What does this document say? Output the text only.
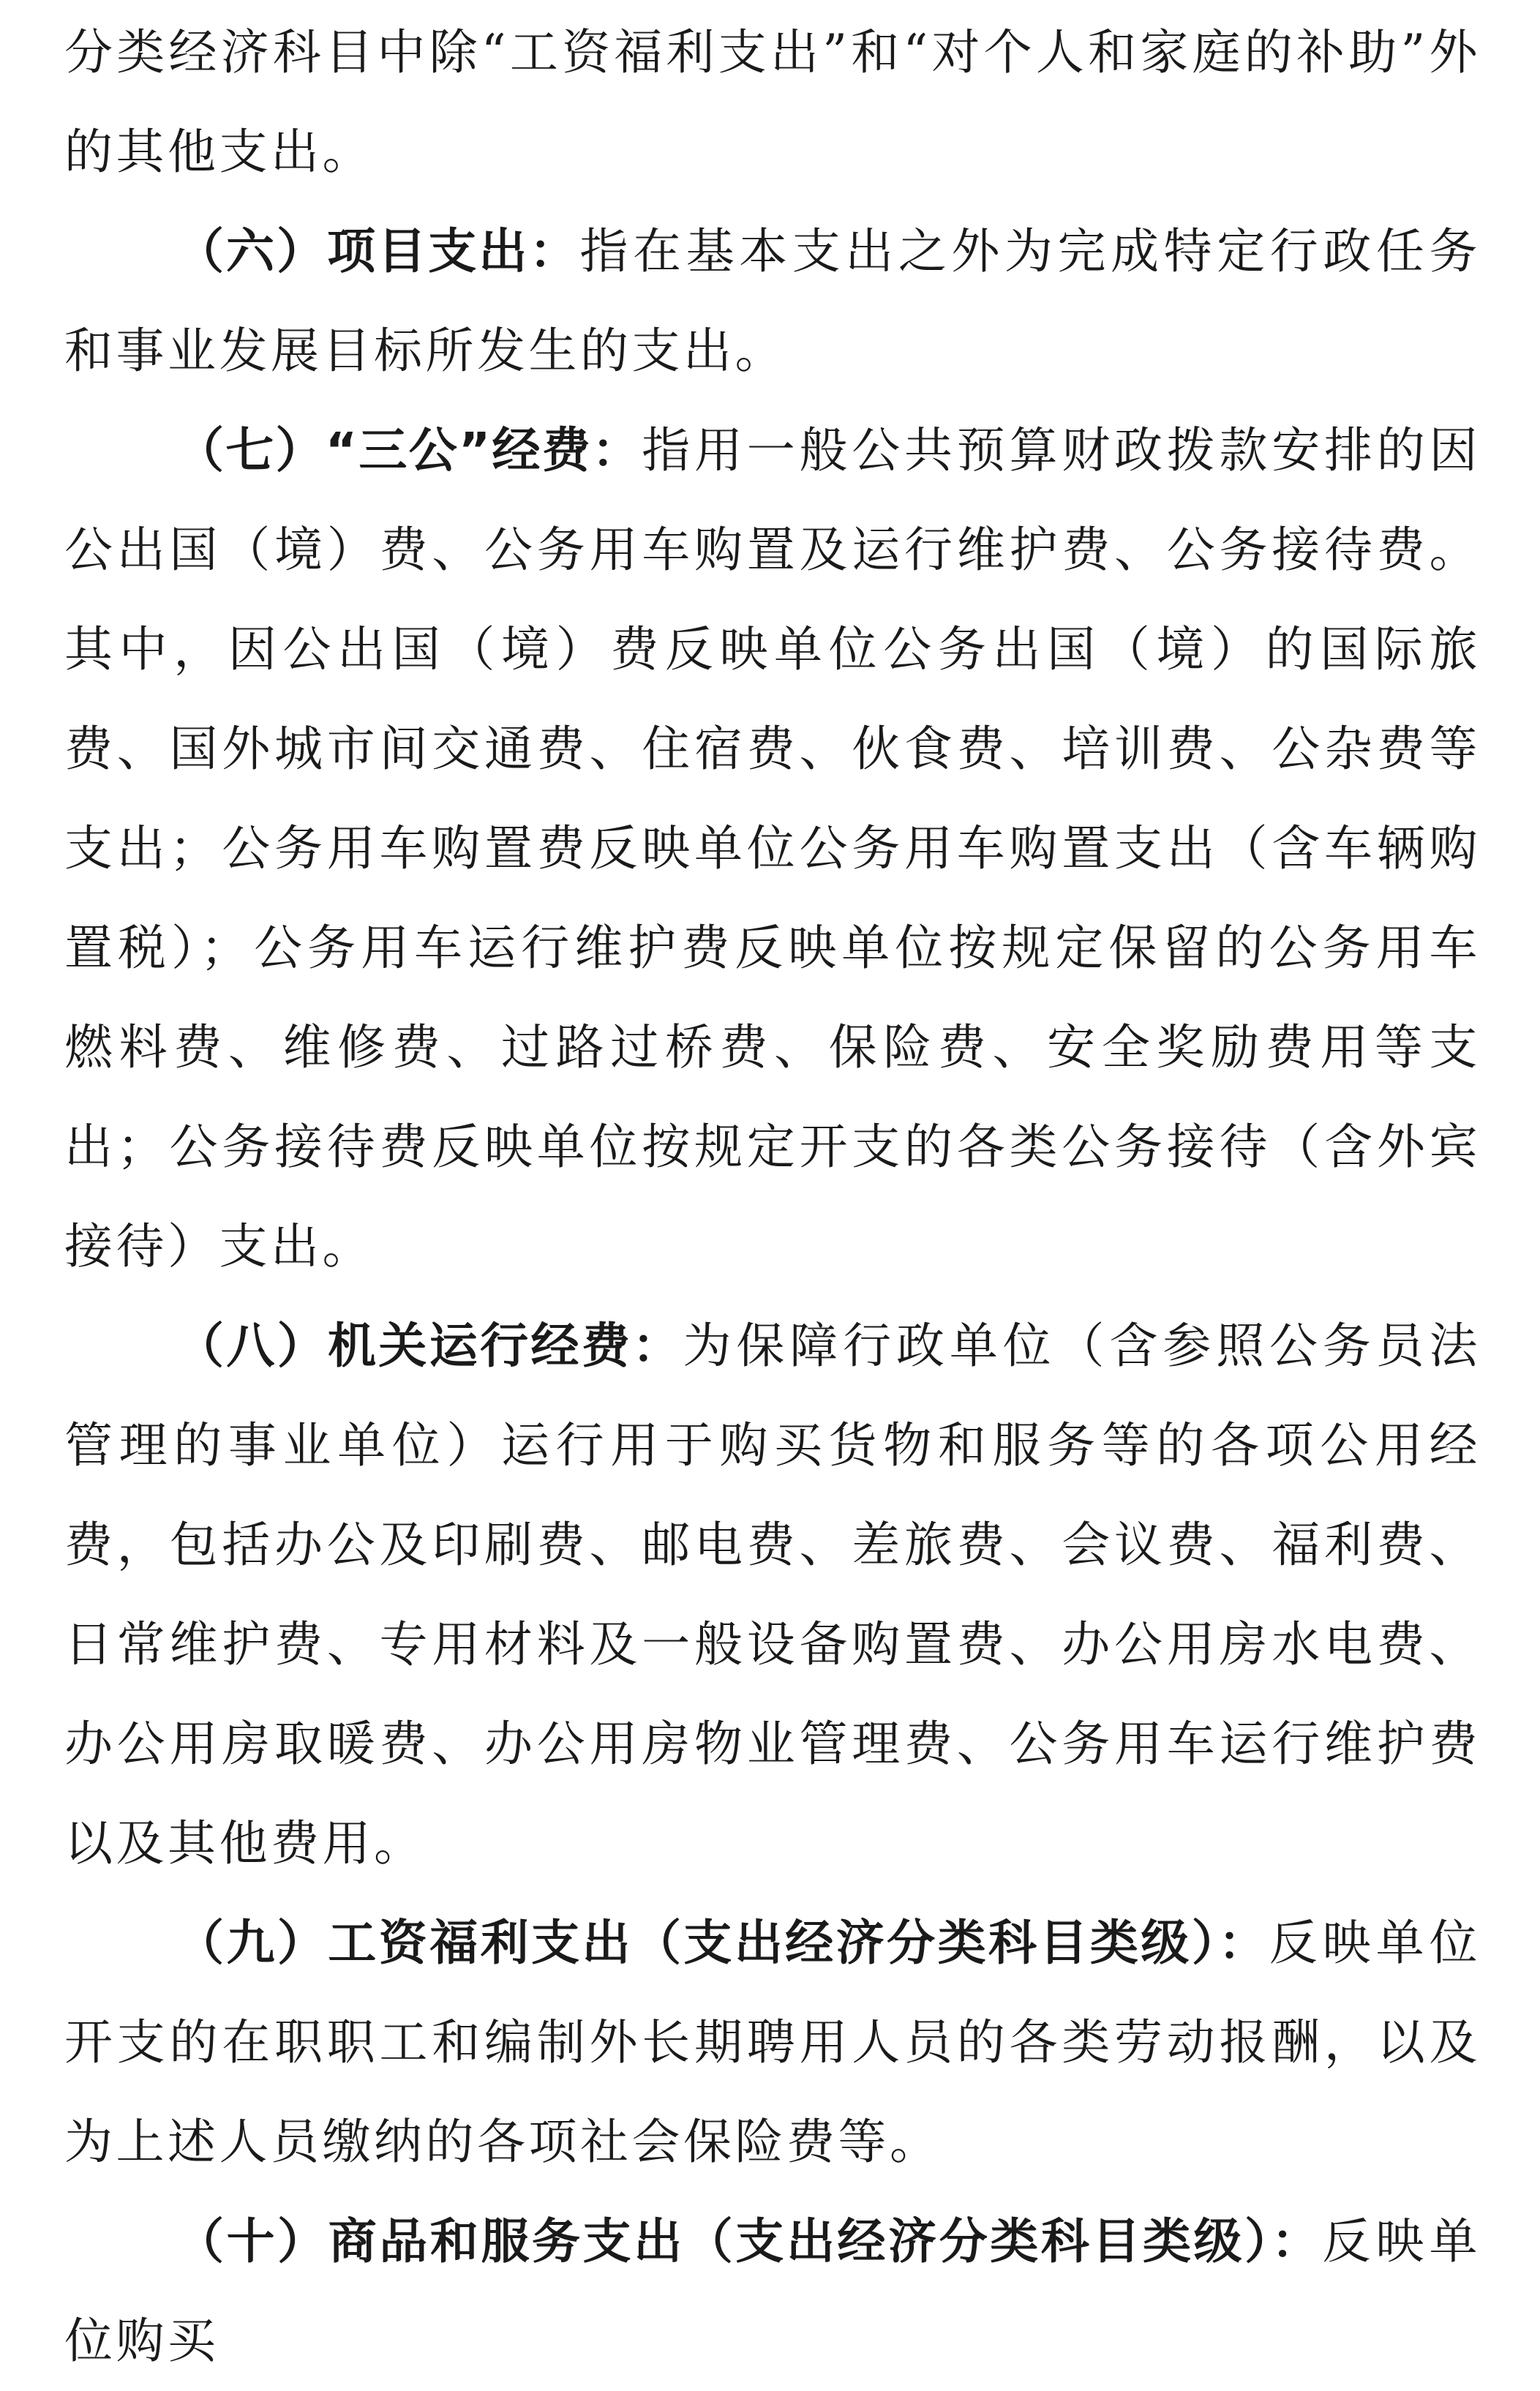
分类经济科目中除“工资福利支出”和“对个人和家庭的补助”外的其他支出。

（六）项目支出：指在基本支出之外为完成特定行政任务和事业发展目标所发生的支出。

（七）“三公”经费：指用一般公共预算财政拨款安排的因公出国（境）费、公务用车购置及运行维护费、公务接待费。其中，因公出国（境）费反映单位公务出国（境）的国际旅费、国外城市间交通费、住宿费、伙食费、培训费、公杂费等支出；公务用车购置费反映单位公务用车购置支出（含车辆购置税）；公务用车运行维护费反映单位按规定保留的公务用车燃料费、维修费、过路过桥费、保险费、安全奖励费用等支出；公务接待费反映单位按规定开支的各类公务接待（含外宾接待）支出。

（八）机关运行经费：为保障行政单位（含参照公务员法管理的事业单位）运行用于购买货物和服务等的各项公用经费，包括办公及印刷费、邮电费、差旅费、会议费、福利费、日常维护费、专用材料及一般设备购置费、办公用房水电费、办公用房取暖费、办公用房物业管理费、公务用车运行维护费以及其他费用。

（九）工资福利支出（支出经济分类科目类级）：反映单位开支的在职职工和编制外长期聘用人员的各类劳动报酬，以及为上述人员缴纳的各项社会保险费等。

（十）商品和服务支出（支出经济分类科目类级）：反映单位购买
